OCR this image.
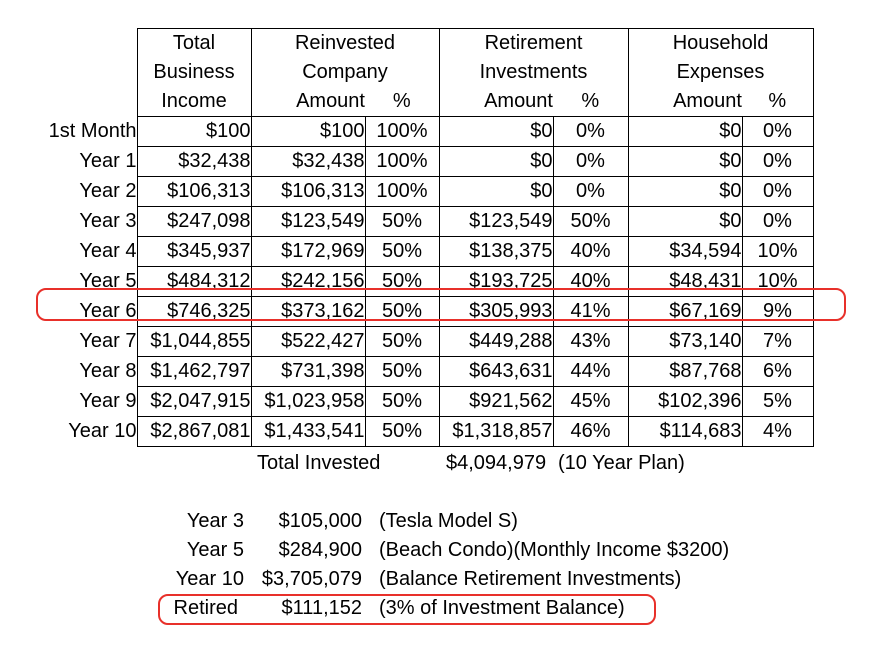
	Total	Reinvested		Retirement		Household	
	Business	Company		Investments		Expenses	
	Income	Amount	%	Amount	%	Amount	%
1st Month	$100	$100	100%	$0	0%	$0	0%
Year 1	$32,438	$32,438	100%	$0	0%	$0	0%
Year 2	$106,313	$106,313	100%	$0	0%	$0	0%
Year 3	$247,098	$123,549	50%	$123,549	50%	$0	0%
Year 4	$345,937	$172,969	50%	$138,375	40%	$34,594	10%
Year 5	$484,312	$242,156	50%	$193,725	40%	$48,431	10%
Year 6	$746,325	$373,162	50%	$305,993	41%	$67,169	9%
Year 7	$1,044,855	$522,427	50%	$449,288	43%	$73,140	7%
Year 8	$1,462,797	$731,398	50%	$643,631	44%	$87,768	6%
Year 9	$2,047,915	$1,023,958	50%	$921,562	45%	$102,396	5%
Year 10	$2,867,081	$1,433,541	50%	$1,318,857	46%	$114,683	4%
Total Invested	$4,094,979 (10 Year Plan)
Year 3	$105,000 (Tesla Model S)
Year 5	$284,900 (Beach Condo)(Monthly Income $3200)
Year 10 $3,705,079 (Balance Retirement Investments)
Retired	$111,152 (3% of Investment Balance)
